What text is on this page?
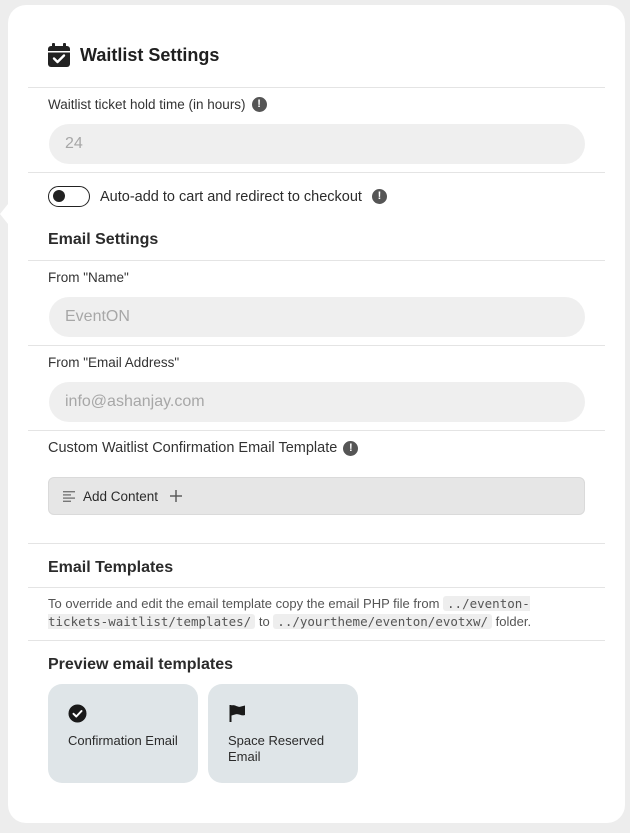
Waitlist Settings
Waitlist ticket hold time (in hours)	!
24
Auto-add to cart and redirect to checkout	!
Email Settings
From "Name"
EventON
From "Email Address"
info@ashanjay.com
Custom Waitlist Confirmation Email Template	!
Add Content
Email Templates
To override and edit the email template copy the email PHP file from ../eventon-tickets-waitlist/templates/ to ../yourtheme/eventon/evotxw/ folder.
Preview email templates
Confirmation Email	Space Reserved Email
